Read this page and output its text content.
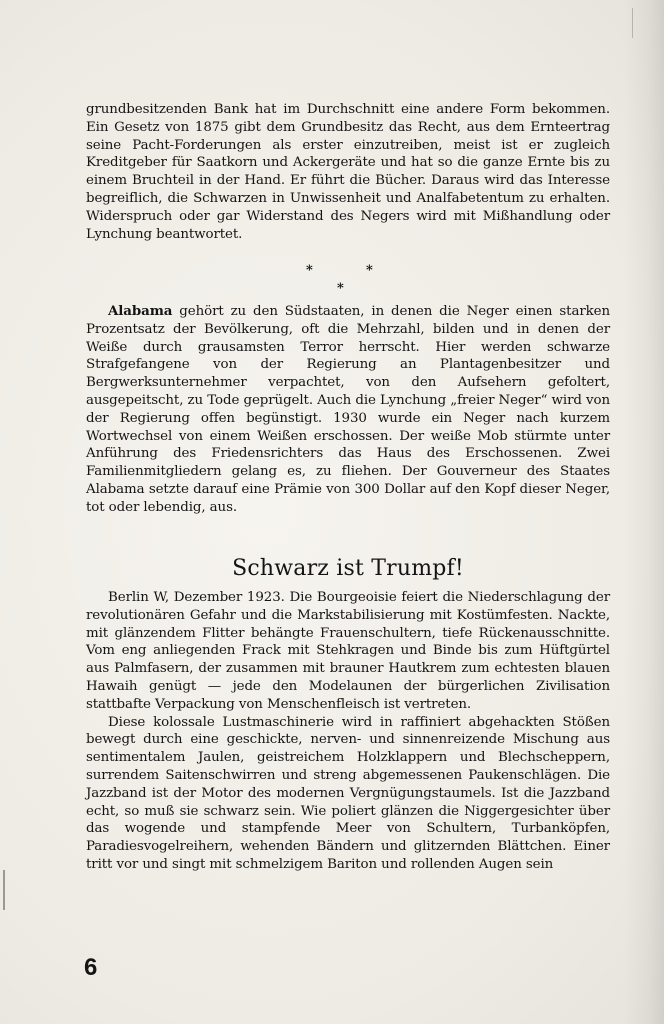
grundbesitzenden Bank hat im Durchschnitt eine andere Form bekommen. Ein Gesetz von 1875 gibt dem Grundbesitz das Recht, aus dem Ernteertrag seine Pacht-Forderungen als erster einzutreiben, meist ist er zugleich Kreditgeber für Saatkorn und Ackergeräte und hat so die ganze Ernte bis zu einem Bruchteil in der Hand. Er führt die Bücher. Daraus wird das Interesse begreiflich, die Schwarzen in Unwissenheit und Analfabetentum zu erhalten. Widerspruch oder gar Widerstand des Negers wird mit Mißhandlung oder Lynchung beantwortet.

*	*
*

Alabama gehört zu den Südstaaten, in denen die Neger einen starken Prozentsatz der Bevölkerung, oft die Mehrzahl, bilden und in denen der Weiße durch grausamsten Terror herrscht. Hier werden schwarze Strafgefangene von der Regierung an Plantagenbesitzer und Bergwerksunternehmer verpachtet, von den Aufsehern gefoltert, ausgepeitscht, zu Tode geprügelt. Auch die Lynchung „freier Neger“ wird von der Regierung offen begünstigt. 1930 wurde ein Neger nach kurzem Wortwechsel von einem Weißen erschossen. Der weiße Mob stürmte unter Anführung des Friedensrichters das Haus des Erschossenen. Zwei Familienmitgliedern gelang es, zu fliehen. Der Gouverneur des Staates Alabama setzte darauf eine Prämie von 300 Dollar auf den Kopf dieser Neger, tot oder lebendig, aus.

Schwarz ist Trumpf!

Berlin W, Dezember 1923. Die Bourgeoisie feiert die Niederschlagung der revolutionären Gefahr und die Markstabilisierung mit Kostümfesten. Nackte, mit glänzendem Flitter behängte Frauenschultern, tiefe Rückenausschnitte. Vom eng anliegenden Frack mit Stehkragen und Binde bis zum Hüftgürtel aus Palmfasern, der zusammen mit brauner Hautkrem zum echtesten blauen Hawaih genügt — jede den Modelaunen der bürgerlichen Zivilisation stattbafte Verpackung von Menschenfleisch ist vertreten.

Diese kolossale Lustmaschinerie wird in raffiniert abgehackten Stößen bewegt durch eine geschickte, nerven- und sinnenreizende Mischung aus sentimentalem Jaulen, geistreichem Holzklappern und Blechscheppern, surrendem Saitenschwirren und streng abgemessenen Paukenschlägen. Die Jazzband ist der Motor des modernen Vergnügungstaumels. Ist die Jazzband echt, so muß sie schwarz sein. Wie poliert glänzen die Niggergesichter über das wogende und stampfende Meer von Schultern, Turbanköpfen, Paradiesvogelreihern, wehenden Bändern und glitzernden Blättchen. Einer tritt vor und singt mit schmelzigem Bariton und rollenden Augen sein

6
